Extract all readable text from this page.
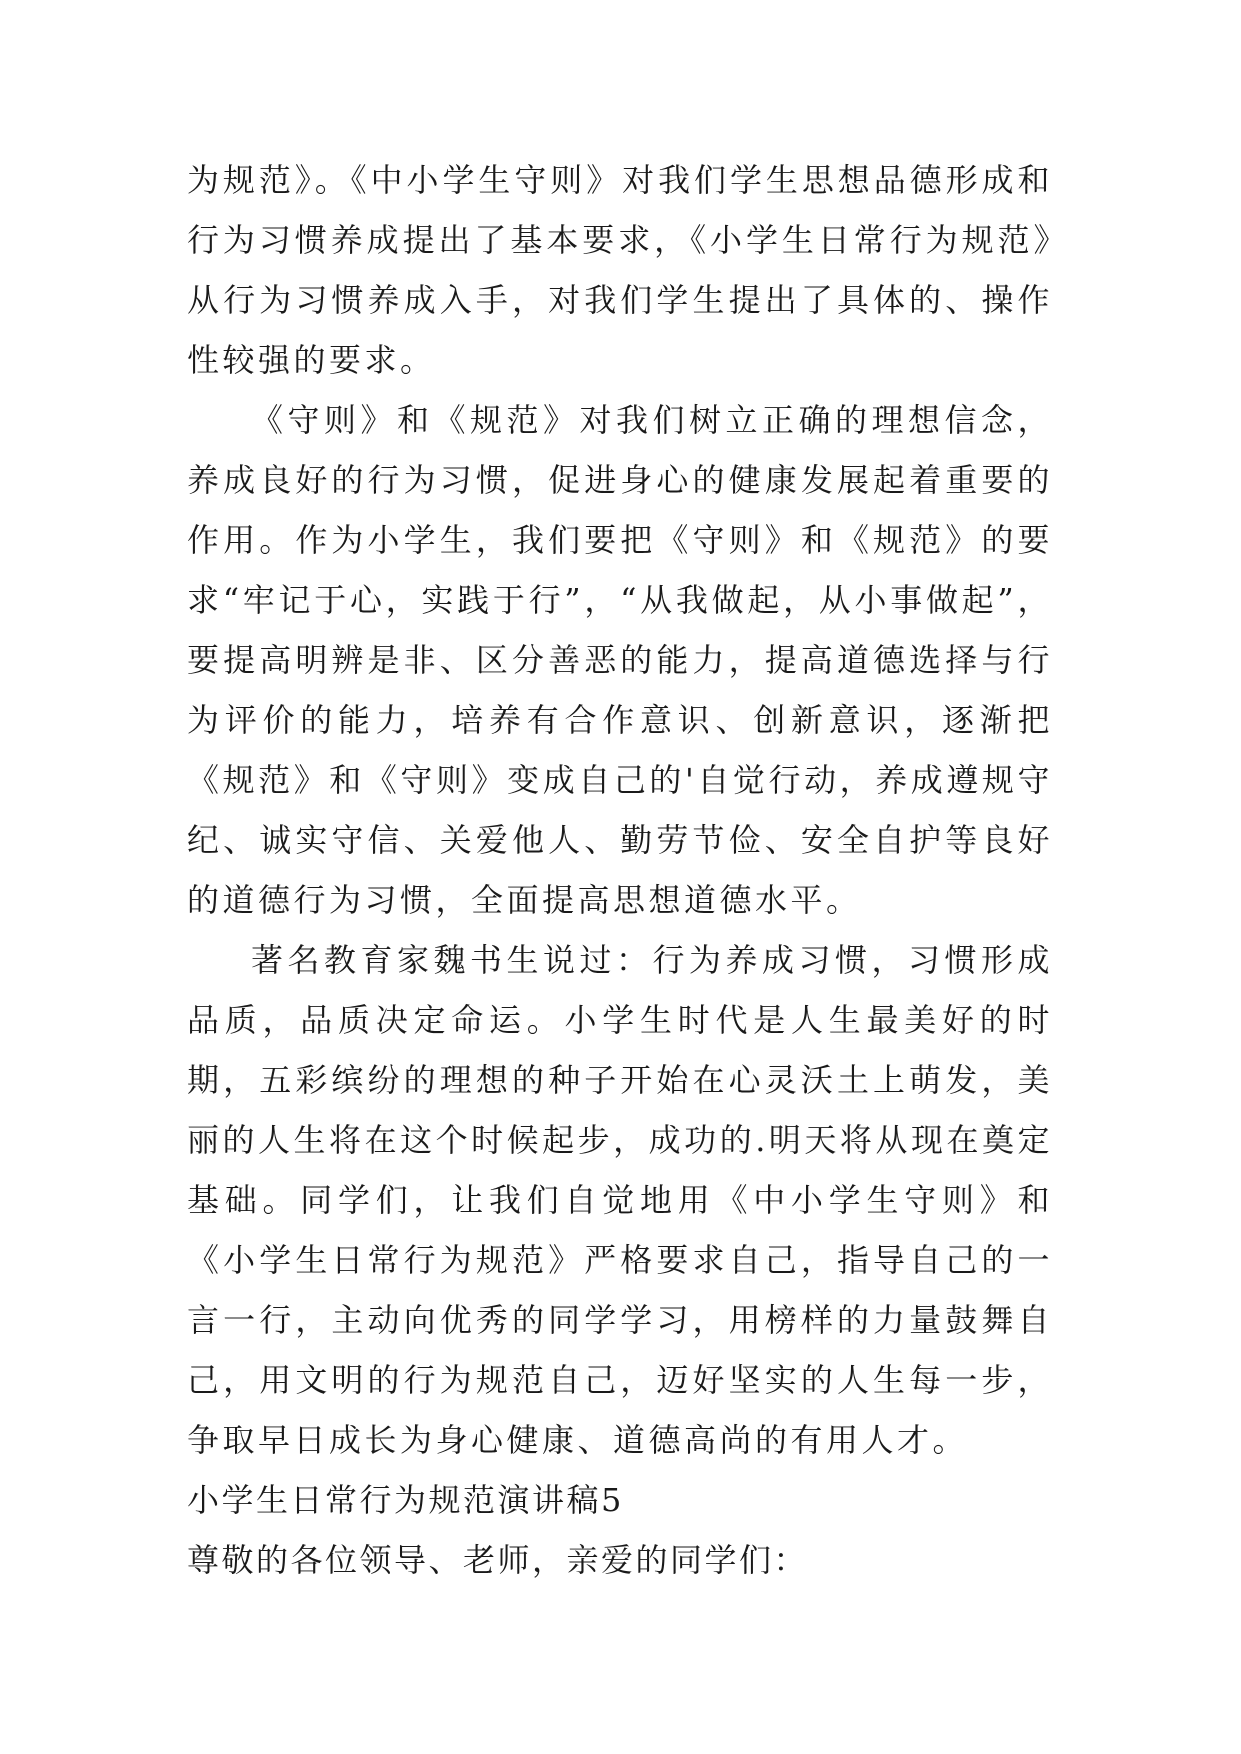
为规范》。《中小学生守则》对我们学生思想品德形成和行为习惯养成提出了基本要求，《小学生日常行为规范》从行为习惯养成入手，对我们学生提出了具体的、操作性较强的要求。

《守则》和《规范》对我们树立正确的理想信念，养成良好的行为习惯，促进身心的健康发展起着重要的作用。作为小学生，我们要把《守则》和《规范》的要求“牢记于心，实践于行”，“从我做起，从小事做起”，要提高明辨是非、区分善恶的能力，提高道德选择与行为评价的能力，培养有合作意识、创新意识，逐渐把《规范》和《守则》变成自己的'自觉行动，养成遵规守纪、诚实守信、关爱他人、勤劳节俭、安全自护等良好的道德行为习惯，全面提高思想道德水平。

著名教育家魏书生说过：行为养成习惯，习惯形成品质，品质决定命运。小学生时代是人生最美好的时期，五彩缤纷的理想的种子开始在心灵沃土上萌发，美丽的人生将在这个时候起步，成功的.明天将从现在奠定基础。同学们，让我们自觉地用《中小学生守则》和《小学生日常行为规范》严格要求自己，指导自己的一言一行，主动向优秀的同学学习，用榜样的力量鼓舞自己，用文明的行为规范自己，迈好坚实的人生每一步，争取早日成长为身心健康、道德高尚的有用人才。

小学生日常行为规范演讲稿5

尊敬的各位领导、老师，亲爱的同学们：
